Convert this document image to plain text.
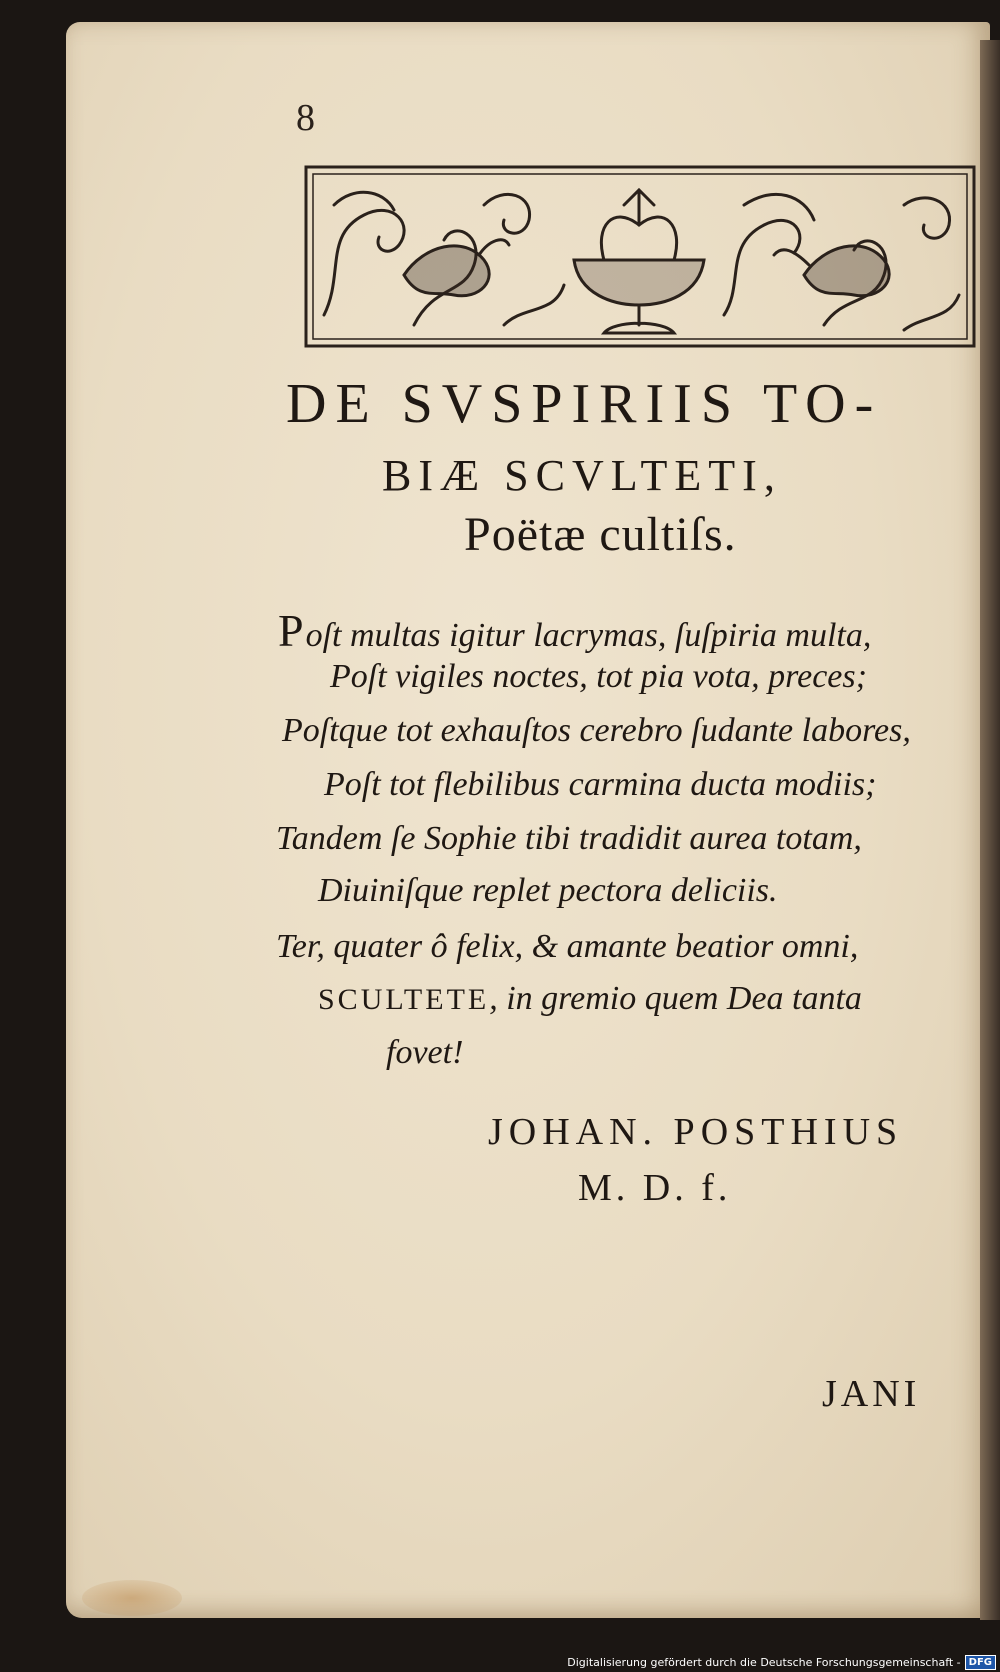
8
DE SVSPIRIIS TO-
BIÆ SCVLTETI,
Poëtæ cultiſs.
Poſt multas igitur lacrymas, ſuſpiria multa,
Poſt vigiles noctes, tot pia vota, preces;
Poſtque tot exhauſtos cerebro ſudante labores,
Poſt tot flebilibus carmina ducta modiis;
Tandem ſe Sophie tibi tradidit aurea totam,
Diuiniſque replet pectora deliciis.
Ter, quater ô felix, & amante beatior omni,
SCULTETE, in gremio quem Dea tanta
fovet!
JOHAN. POSTHIUS
M. D. f.
JANI
Digitalisierung gefördert durch die Deutsche Forschungsgemeinschaft - DFG
